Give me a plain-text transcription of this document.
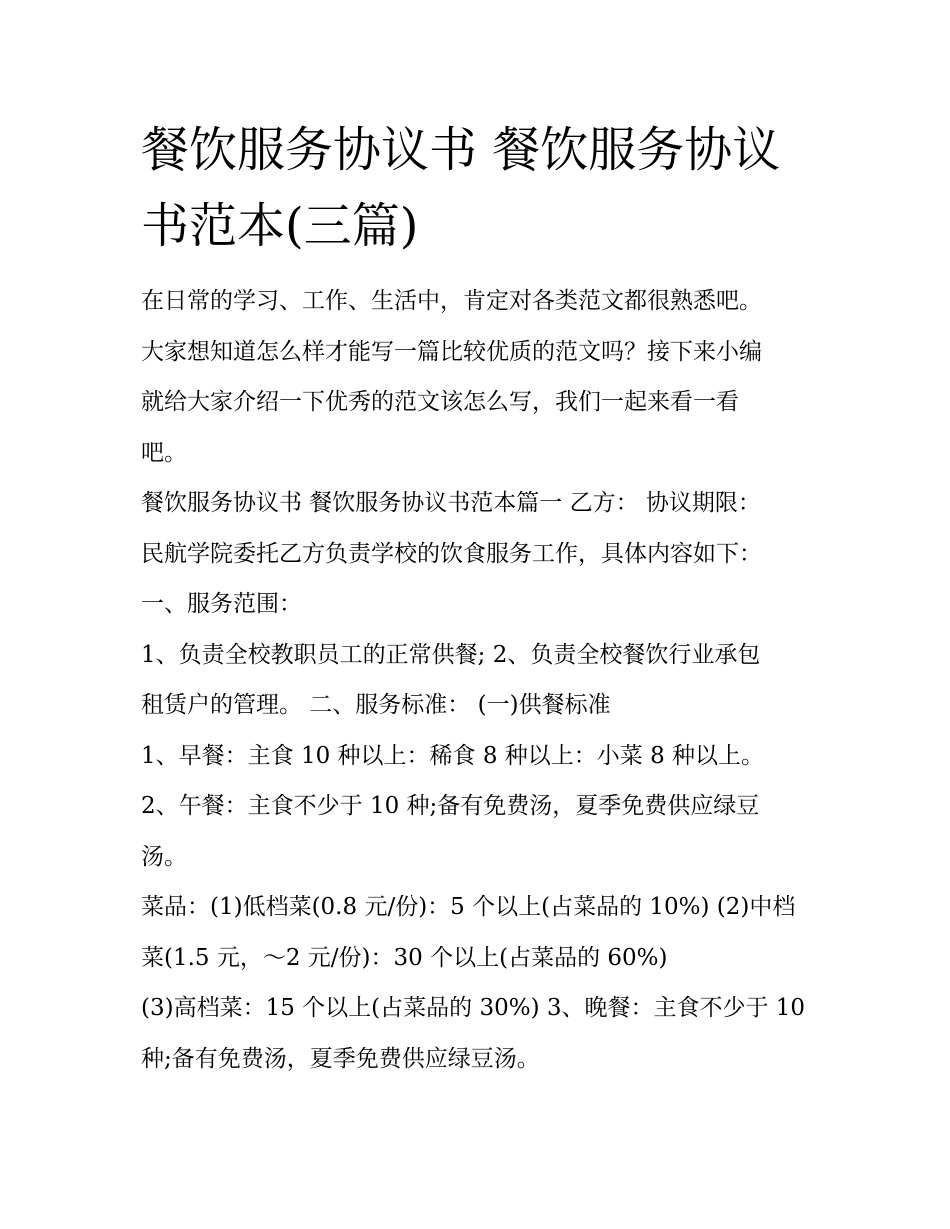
餐饮服务协议书 餐饮服务协议
书范本(三篇)
在日常的学习、工作、生活中，肯定对各类范文都很熟悉吧。
大家想知道怎么样才能写一篇比较优质的范文吗？接下来小编
就给大家介绍一下优秀的范文该怎么写，我们一起来看一看
吧。
餐饮服务协议书 餐饮服务协议书范本篇一 乙方： 协议期限：
民航学院委托乙方负责学校的饮食服务工作，具体内容如下：
一、服务范围：
1、负责全校教职员工的正常供餐; 2、负责全校餐饮行业承包
租赁户的管理。 二、服务标准： (一)供餐标准
1、早餐：主食 10 种以上：稀食 8 种以上：小菜 8 种以上。
2、午餐：主食不少于 10 种;备有免费汤，夏季免费供应绿豆
汤。
菜品：(1)低档菜(0.8 元/份)：5 个以上(占菜品的 10%) (2)中档
菜(1.5 元，～2 元/份)：30 个以上(占菜品的 60%)
(3)高档菜：15 个以上(占菜品的 30%) 3、晚餐：主食不少于 10
种;备有免费汤，夏季免费供应绿豆汤。
